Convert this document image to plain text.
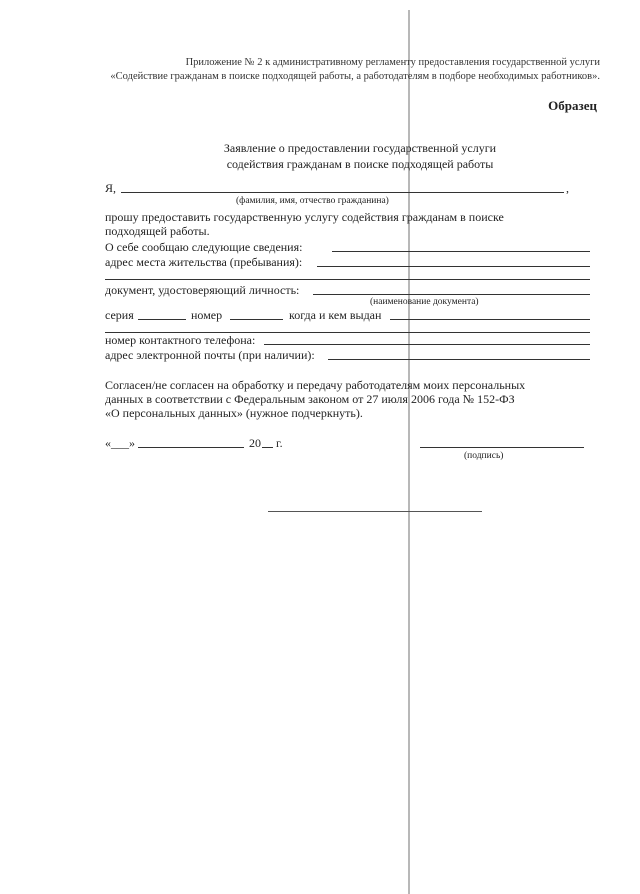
Приложение № 2 к административному регламенту предоставления государственной услуги
«Содействие гражданам в поиске подходящей работы, а работодателям в подборе необходимых работников».
Образец
Заявление о предоставлении государственной услуги
содействия гражданам в поиске подходящей работы
Я,	,
(фамилия, имя, отчество гражданина)
прошу предоставить государственную услугу содействия гражданам в поиске
подходящей работы.
О себе сообщаю следующие сведения:
адрес места жительства (пребывания):
документ, удостоверяющий личность:
(наименование документа)
серия	номер	когда и кем выдан
номер контактного телефона:
адрес электронной почты (при наличии):
Согласен/не согласен на обработку и передачу работодателям моих персональных
данных в соответствии с Федеральным законом от 27 июля 2006 года № 152-ФЗ
«О персональных данных» (нужное подчеркнуть).
«___»	20 г.
(подпись)
